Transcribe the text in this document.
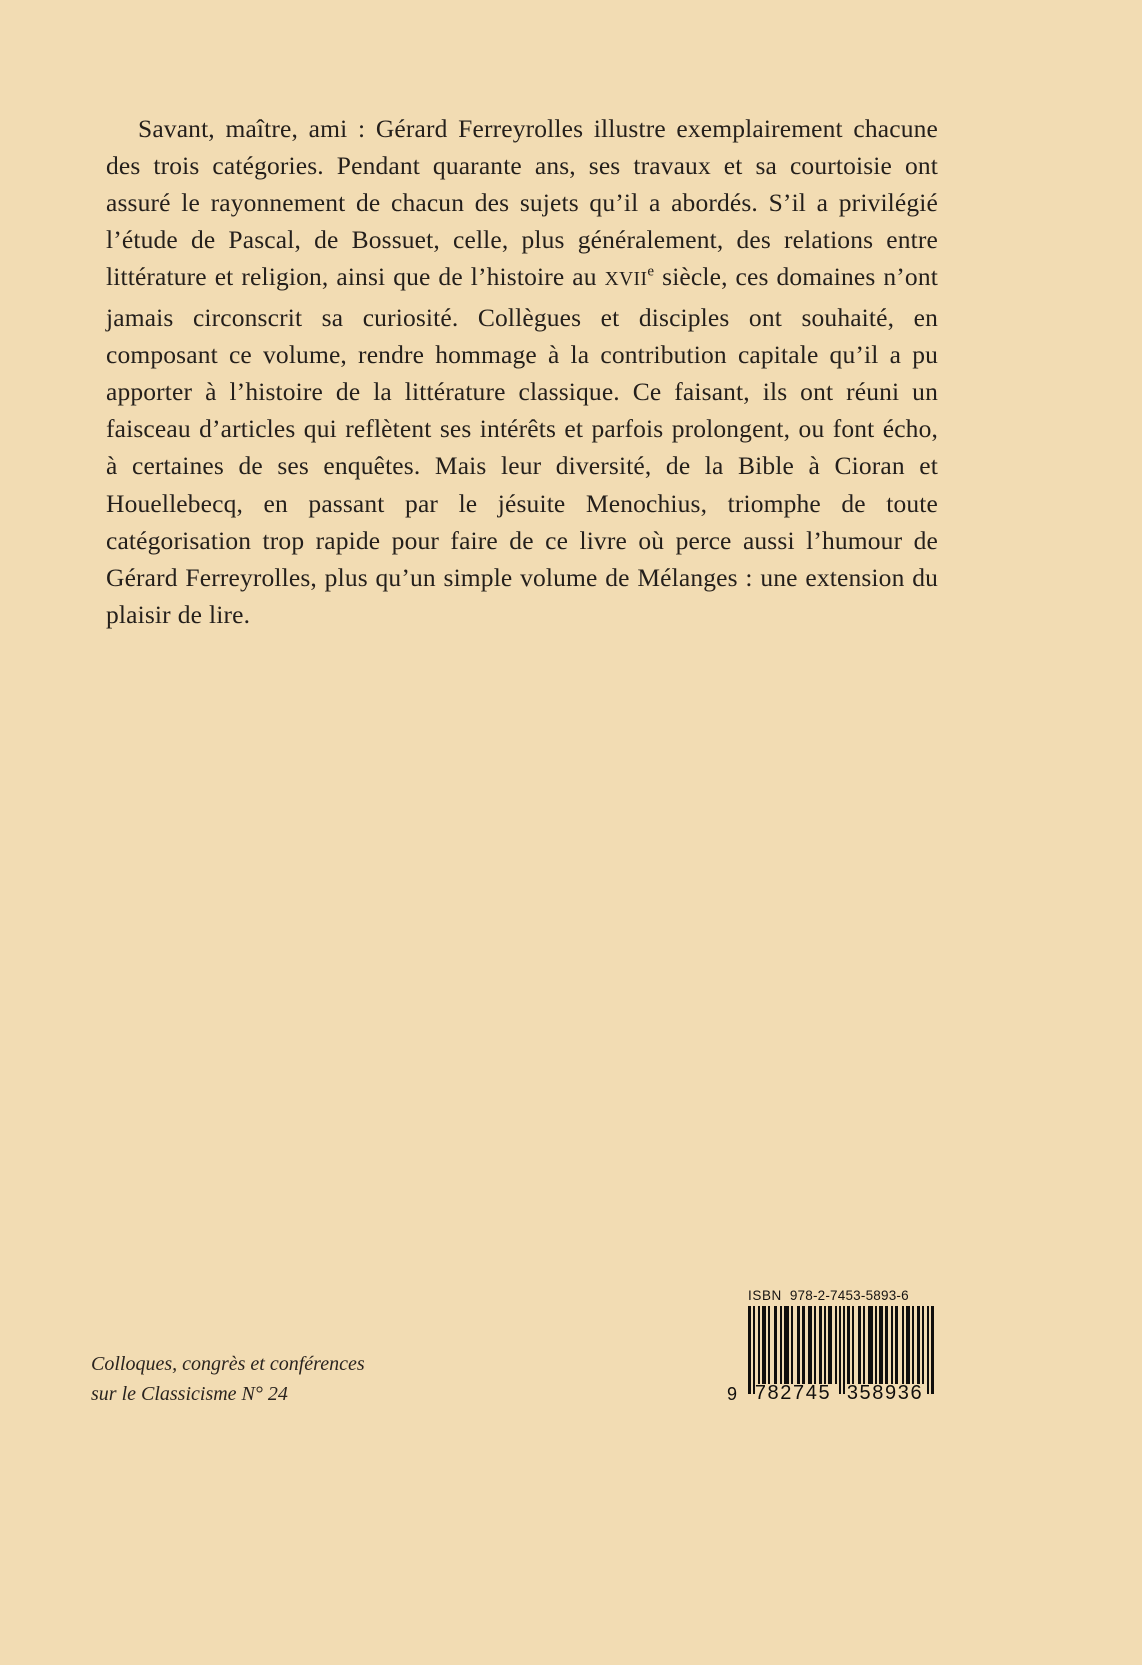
Savant, maître, ami : Gérard Ferreyrolles illustre exemplairement chacune des trois catégories. Pendant quarante ans, ses travaux et sa courtoisie ont assuré le rayonnement de chacun des sujets qu’il a abordés. S’il a privilégié l’étude de Pascal, de Bossuet, celle, plus généralement, des relations entre littérature et religion, ainsi que de l’histoire au XVIIe siècle, ces domaines n’ont jamais circonscrit sa curiosité. Collègues et disciples ont souhaité, en composant ce volume, rendre hommage à la contribution capitale qu’il a pu apporter à l’histoire de la littérature classique. Ce faisant, ils ont réuni un faisceau d’articles qui reflètent ses intérêts et parfois prolongent, ou font écho, à certaines de ses enquêtes. Mais leur diversité, de la Bible à Cioran et Houellebecq, en passant par le jésuite Menochius, triomphe de toute catégorisation trop rapide pour faire de ce livre où perce aussi l’humour de Gérard Ferreyrolles, plus qu’un simple volume de Mélanges : une extension du plaisir de lire.

Colloques, congrès et conférences
sur le Classicisme N° 24
ISBN 978-2-7453-5893-6
9 782745 358936
